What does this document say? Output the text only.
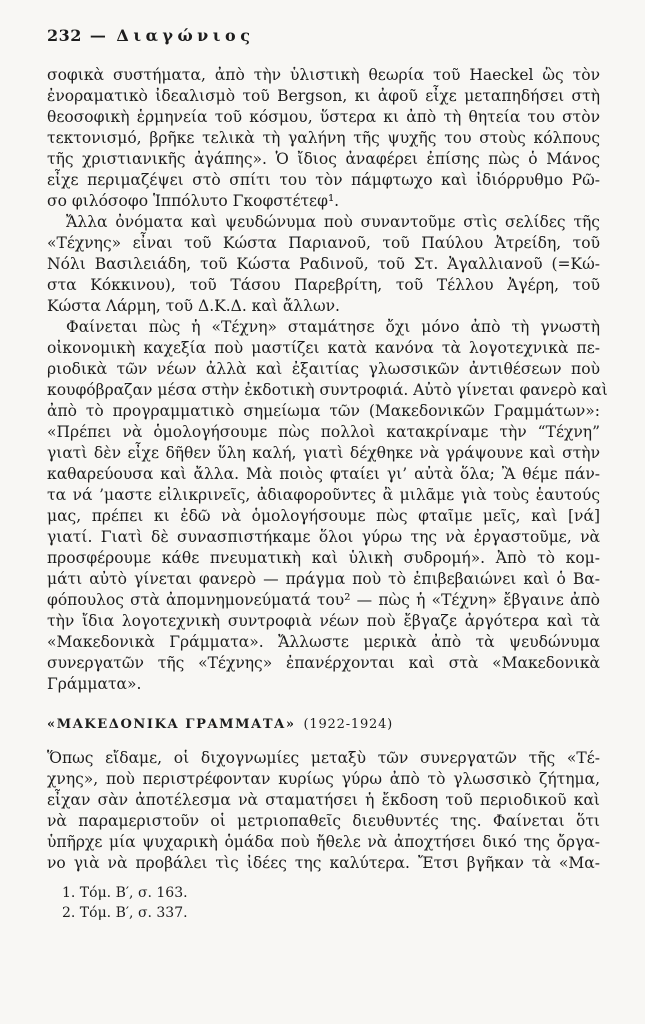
232 — Διαγώνιος
σοφικὰ συστήματα, ἀπὸ τὴν ὑλιστικὴ θεωρία τοῦ Haeckel ὣς τὸν
ἐνοραματικὸ ἰδεαλισμὸ τοῦ Bergson, κι ἀφοῦ εἶχε μεταπηδήσει στὴ
θεοσοφικὴ ἑρμηνεία τοῦ κόσμου, ὕστερα κι ἀπὸ τὴ θητεία του στὸν
τεκτονισμό, βρῆκε τελικὰ τὴ γαλήνη τῆς ψυχῆς του στοὺς κόλπους
τῆς χριστιανικῆς ἀγάπης». Ὁ ἴδιος ἀναφέρει ἐπίσης πὼς ὁ Μάνος
εἶχε περιμαζέψει στὸ σπίτι του τὸν πάμφτωχο καὶ ἰδιόρρυθμο Ρῶ-
σο φιλόσοφο Ἱππόλυτο Γκοφστέτεφ¹.
Ἄλλα ὀνόματα καὶ ψευδώνυμα ποὺ συναντοῦμε στὶς σελίδες τῆς
«Τέχνης» εἶναι τοῦ Κώστα Παριανοῦ, τοῦ Παύλου Ἀτρείδη, τοῦ
Νόλι Βασιλειάδη, τοῦ Κώστα Ραδινοῦ, τοῦ Στ. Ἀγαλλιανοῦ (=Κώ-
στα Κόκκινου), τοῦ Τάσου Παρεβρίτη, τοῦ Τέλλου Ἀγέρη, τοῦ
Κώστα Λάρμη, τοῦ Δ.Κ.Δ. καὶ ἄλλων.
Φαίνεται πὼς ἡ «Τέχνη» σταμάτησε ὄχι μόνο ἀπὸ τὴ γνωστὴ
οἰκονομικὴ καχεξία ποὺ μαστίζει κατὰ κανόνα τὰ λογοτεχνικὰ πε-
ριοδικὰ τῶν νέων ἀλλὰ καὶ ἐξαιτίας γλωσσικῶν ἀντιθέσεων ποὺ
κουφόβραζαν μέσα στὴν ἐκδοτικὴ συντροφιά. Αὐτὸ γίνεται φανερὸ καὶ
ἀπὸ τὸ προγραμματικὸ σημείωμα τῶν (Μακεδονικῶν Γραμμάτων»:
«Πρέπει νὰ ὁμολογήσουμε πὼς πολλοὶ κατακρίναμε τὴν “Τέχνη”
γιατὶ δὲν εἶχε δῆθεν ὕλη καλή, γιατὶ δέχθηκε νὰ γράψουνε καὶ στὴν
καθαρεύουσα καὶ ἄλλα. Μὰ ποιὸς φταίει γι’ αὐτὰ ὅλα; Ἂ θέμε πάν-
τα νά ’μαστε εἰλικρινεῖς, ἀδιαφοροῦντες ἂ μιλᾶμε γιὰ τοὺς ἑαυτούς
μας, πρέπει κι ἐδῶ νὰ ὁμολογήσουμε πὼς φταῖμε μεῖς, καὶ [νά]
γιατί. Γιατὶ δὲ συνασπιστήκαμε ὅλοι γύρω της νὰ ἐργαστοῦμε, νὰ
προσφέρουμε κάθε πνευματικὴ καὶ ὑλικὴ συδρομή». Ἀπὸ τὸ κομ-
μάτι αὐτὸ γίνεται φανερὸ — πράγμα ποὺ τὸ ἐπιβεβαιώνει καὶ ὁ Βα-
φόπουλος στὰ ἀπομνημονεύματά του² — πὼς ἡ «Τέχνη» ἔβγαινε ἀπὸ
τὴν ἴδια λογοτεχνικὴ συντροφιὰ νέων ποὺ ἔβγαζε ἀργότερα καὶ τὰ
«Μακεδονικὰ Γράμματα». Ἄλλωστε μερικὰ ἀπὸ τὰ ψευδώνυμα
συνεργατῶν τῆς «Τέχνης» ἐπανέρχονται καὶ στὰ «Μακεδονικὰ
Γράμματα».
«ΜΑΚΕΔΟΝΙΚΑ ΓΡΑΜΜΑΤΑ» (1922-1924)
Ὅπως εἴδαμε, οἱ διχογνωμίες μεταξὺ τῶν συνεργατῶν τῆς «Τέ-
χνης», ποὺ περιστρέφονταν κυρίως γύρω ἀπὸ τὸ γλωσσικὸ ζήτημα,
εἶχαν σὰν ἀποτέλεσμα νὰ σταματήσει ἡ ἔκδοση τοῦ περιοδικοῦ καὶ
νὰ παραμεριστοῦν οἱ μετριοπαθεῖς διευθυντές της. Φαίνεται ὅτι
ὑπῆρχε μία ψυχαρικὴ ὁμάδα ποὺ ἤθελε νὰ ἀποχτήσει δικό της ὄργα-
νο γιὰ νὰ προβάλει τὶς ἰδέες της καλύτερα. Ἔτσι βγῆκαν τὰ «Μα-
1. Τόμ. Β′, σ. 163.
2. Τόμ. Β′, σ. 337.
